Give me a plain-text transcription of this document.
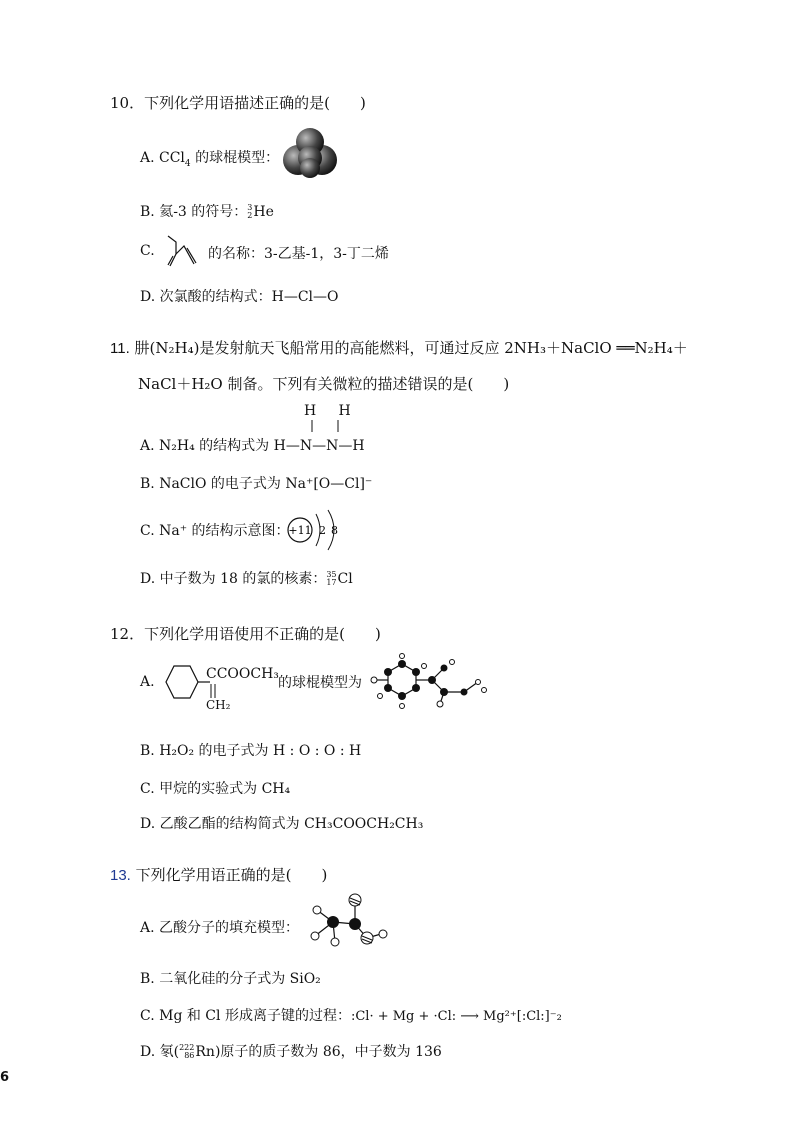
10．下列化学用语描述正确的是(　　)
A. CCl$_4$ 的球棍模型：
B. 氦-3 的符号： 3
2 He
C.	的名称：3-乙基-1，3-丁二烯
D. 次氯酸的结构式：H—Cl—O
11. 肼(N₂H₄)是发射航天飞船常用的高能燃料，可通过反应 2NH₃＋NaClO ══N₂H₄＋
NaCl＋H₂O 制备。下列有关微粒的描述错误的是(　　)
H H
A. N₂H₄ 的结构式为 H—N—N—H
B. NaClO 的电子式为 Na⁺[O—Cl]⁻
C. Na⁺ 的结构示意图：
+11 2 8
D. 中子数为 18 的氯的核素： 35
17 Cl
12．下列化学用语使用不正确的是(　　)
A.	CCOOCH₃
CH₂
的球棍模型为
B. H₂O₂ 的电子式为 H : O : O : H
C. 甲烷的实验式为 CH₄
D. 乙酸乙酯的结构简式为 CH₃COOCH₂CH₃
13. 下列化学用语正确的是(　　)
A. 乙酸分子的填充模型：
B. 二氧化硅的分子式为 SiO₂
C. Mg 和 Cl 形成离子键的过程：:Cl· + Mg + ·Cl: ⟶ Mg²⁺[:Cl:]⁻₂
D. 氡( 222
86 Rn)原子的质子数为 86，中子数为 136
6
